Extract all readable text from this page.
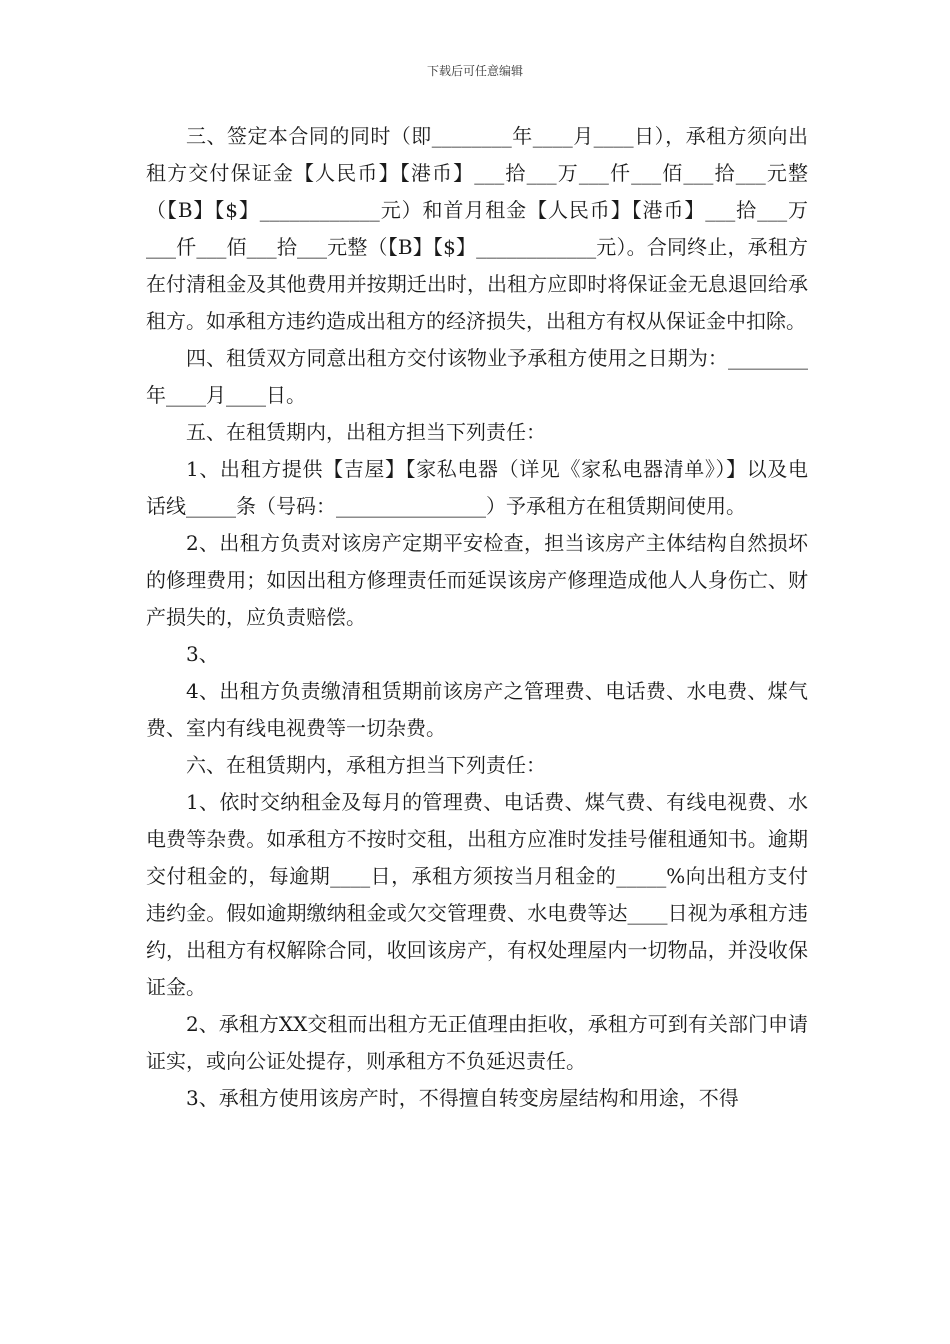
下载后可任意编辑

三、签定本合同的同时（即________年____月____日），承租方须向出租方交付保证金【人民币】【港币】___拾___万___仟___佰___拾___元整（【B】【$】____________元）和首月租金【人民币】【港币】___拾___万___仟___佰___拾___元整（【B】【$】____________元）。合同终止，承租方在付清租金及其他费用并按期迁出时，出租方应即时将保证金无息退回给承租方。如承租方违约造成出租方的经济损失，出租方有权从保证金中扣除。

四、租赁双方同意出租方交付该物业予承租方使用之日期为：________年____月____日。

五、在租赁期内，出租方担当下列责任：

1、出租方提供【吉屋】【家私电器（详见《家私电器清单》）】以及电话线_____条（号码：_______________）予承租方在租赁期间使用。

2、出租方负责对该房产定期平安检查，担当该房产主体结构自然损坏的修理费用；如因出租方修理责任而延误该房产修理造成他人人身伤亡、财产损失的，应负责赔偿。

3、

4、出租方负责缴清租赁期前该房产之管理费、电话费、水电费、煤气费、室内有线电视费等一切杂费。

六、在租赁期内，承租方担当下列责任：

1、依时交纳租金及每月的管理费、电话费、煤气费、有线电视费、水电费等杂费。如承租方不按时交租，出租方应准时发挂号催租通知书。逾期交付租金的，每逾期____日，承租方须按当月租金的_____%向出租方支付违约金。假如逾期缴纳租金或欠交管理费、水电费等达____日视为承租方违约，出租方有权解除合同，收回该房产，有权处理屋内一切物品，并没收保证金。

2、承租方XX交租而出租方无正值理由拒收，承租方可到有关部门申请证实，或向公证处提存，则承租方不负延迟责任。

3、承租方使用该房产时，不得擅自转变房屋结构和用途，不得
